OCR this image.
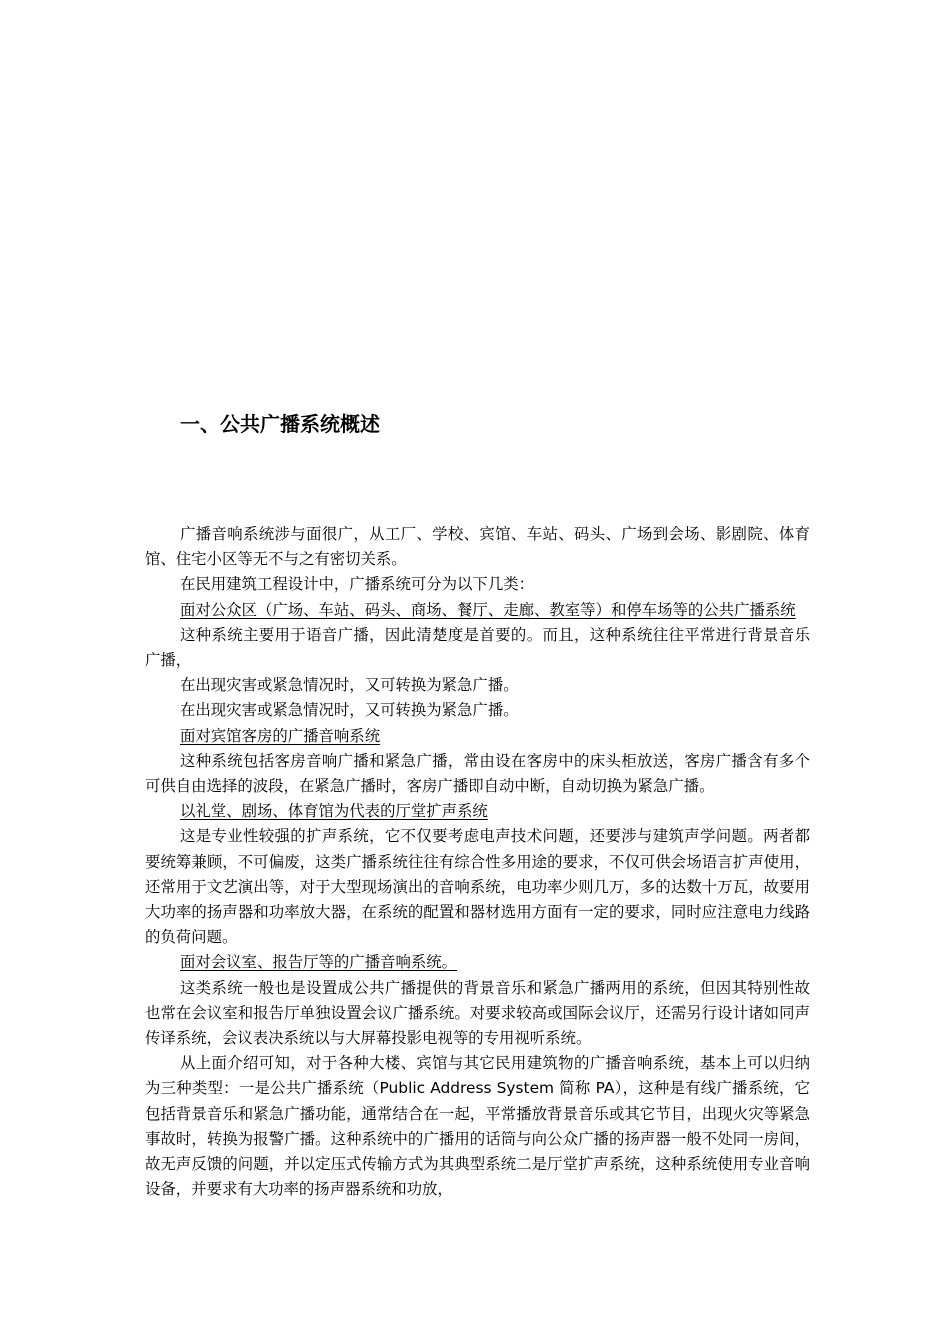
一、公共广播系统概述

广播音响系统涉与面很广，从工厂、学校、宾馆、车站、码头、广场到会场、影剧院、体育馆、住宅小区等无不与之有密切关系。

在民用建筑工程设计中，广播系统可分为以下几类：

面对公众区（广场、车站、码头、商场、餐厅、走廊、教室等）和停车场等的公共广播系统

这种系统主要用于语音广播，因此清楚度是首要的。而且，这种系统往往平常进行背景音乐广播，

在出现灾害或紧急情况时，又可转换为紧急广播。

在出现灾害或紧急情况时，又可转换为紧急广播。

面对宾馆客房的广播音响系统

这种系统包括客房音响广播和紧急广播，常由设在客房中的床头柜放送，客房广播含有多个可供自由选择的波段，在紧急广播时，客房广播即自动中断，自动切换为紧急广播。

以礼堂、剧场、体育馆为代表的厅堂扩声系统

这是专业性较强的扩声系统，它不仅要考虑电声技术问题，还要涉与建筑声学问题。两者都要统筹兼顾，不可偏废，这类广播系统往往有综合性多用途的要求，不仅可供会场语言扩声使用，还常用于文艺演出等，对于大型现场演出的音响系统，电功率少则几万，多的达数十万瓦，故要用大功率的扬声器和功率放大器，在系统的配置和器材选用方面有一定的要求，同时应注意电力线路的负荷问题。

面对会议室、报告厅等的广播音响系统。

这类系统一般也是设置成公共广播提供的背景音乐和紧急广播两用的系统，但因其特别性故也常在会议室和报告厅单独设置会议广播系统。对要求较高或国际会议厅，还需另行设计诸如同声传译系统，会议表决系统以与大屏幕投影电视等的专用视听系统。

从上面介绍可知，对于各种大楼、宾馆与其它民用建筑物的广播音响系统，基本上可以归纳为三种类型：一是公共广播系统（Public Address System 简称 PA），这种是有线广播系统，它包括背景音乐和紧急广播功能，通常结合在一起，平常播放背景音乐或其它节目，出现火灾等紧急事故时，转换为报警广播。这种系统中的广播用的话筒与向公众广播的扬声器一般不处同一房间，故无声反馈的问题，并以定压式传输方式为其典型系统二是厅堂扩声系统，这种系统使用专业音响设备，并要求有大功率的扬声器系统和功放，
